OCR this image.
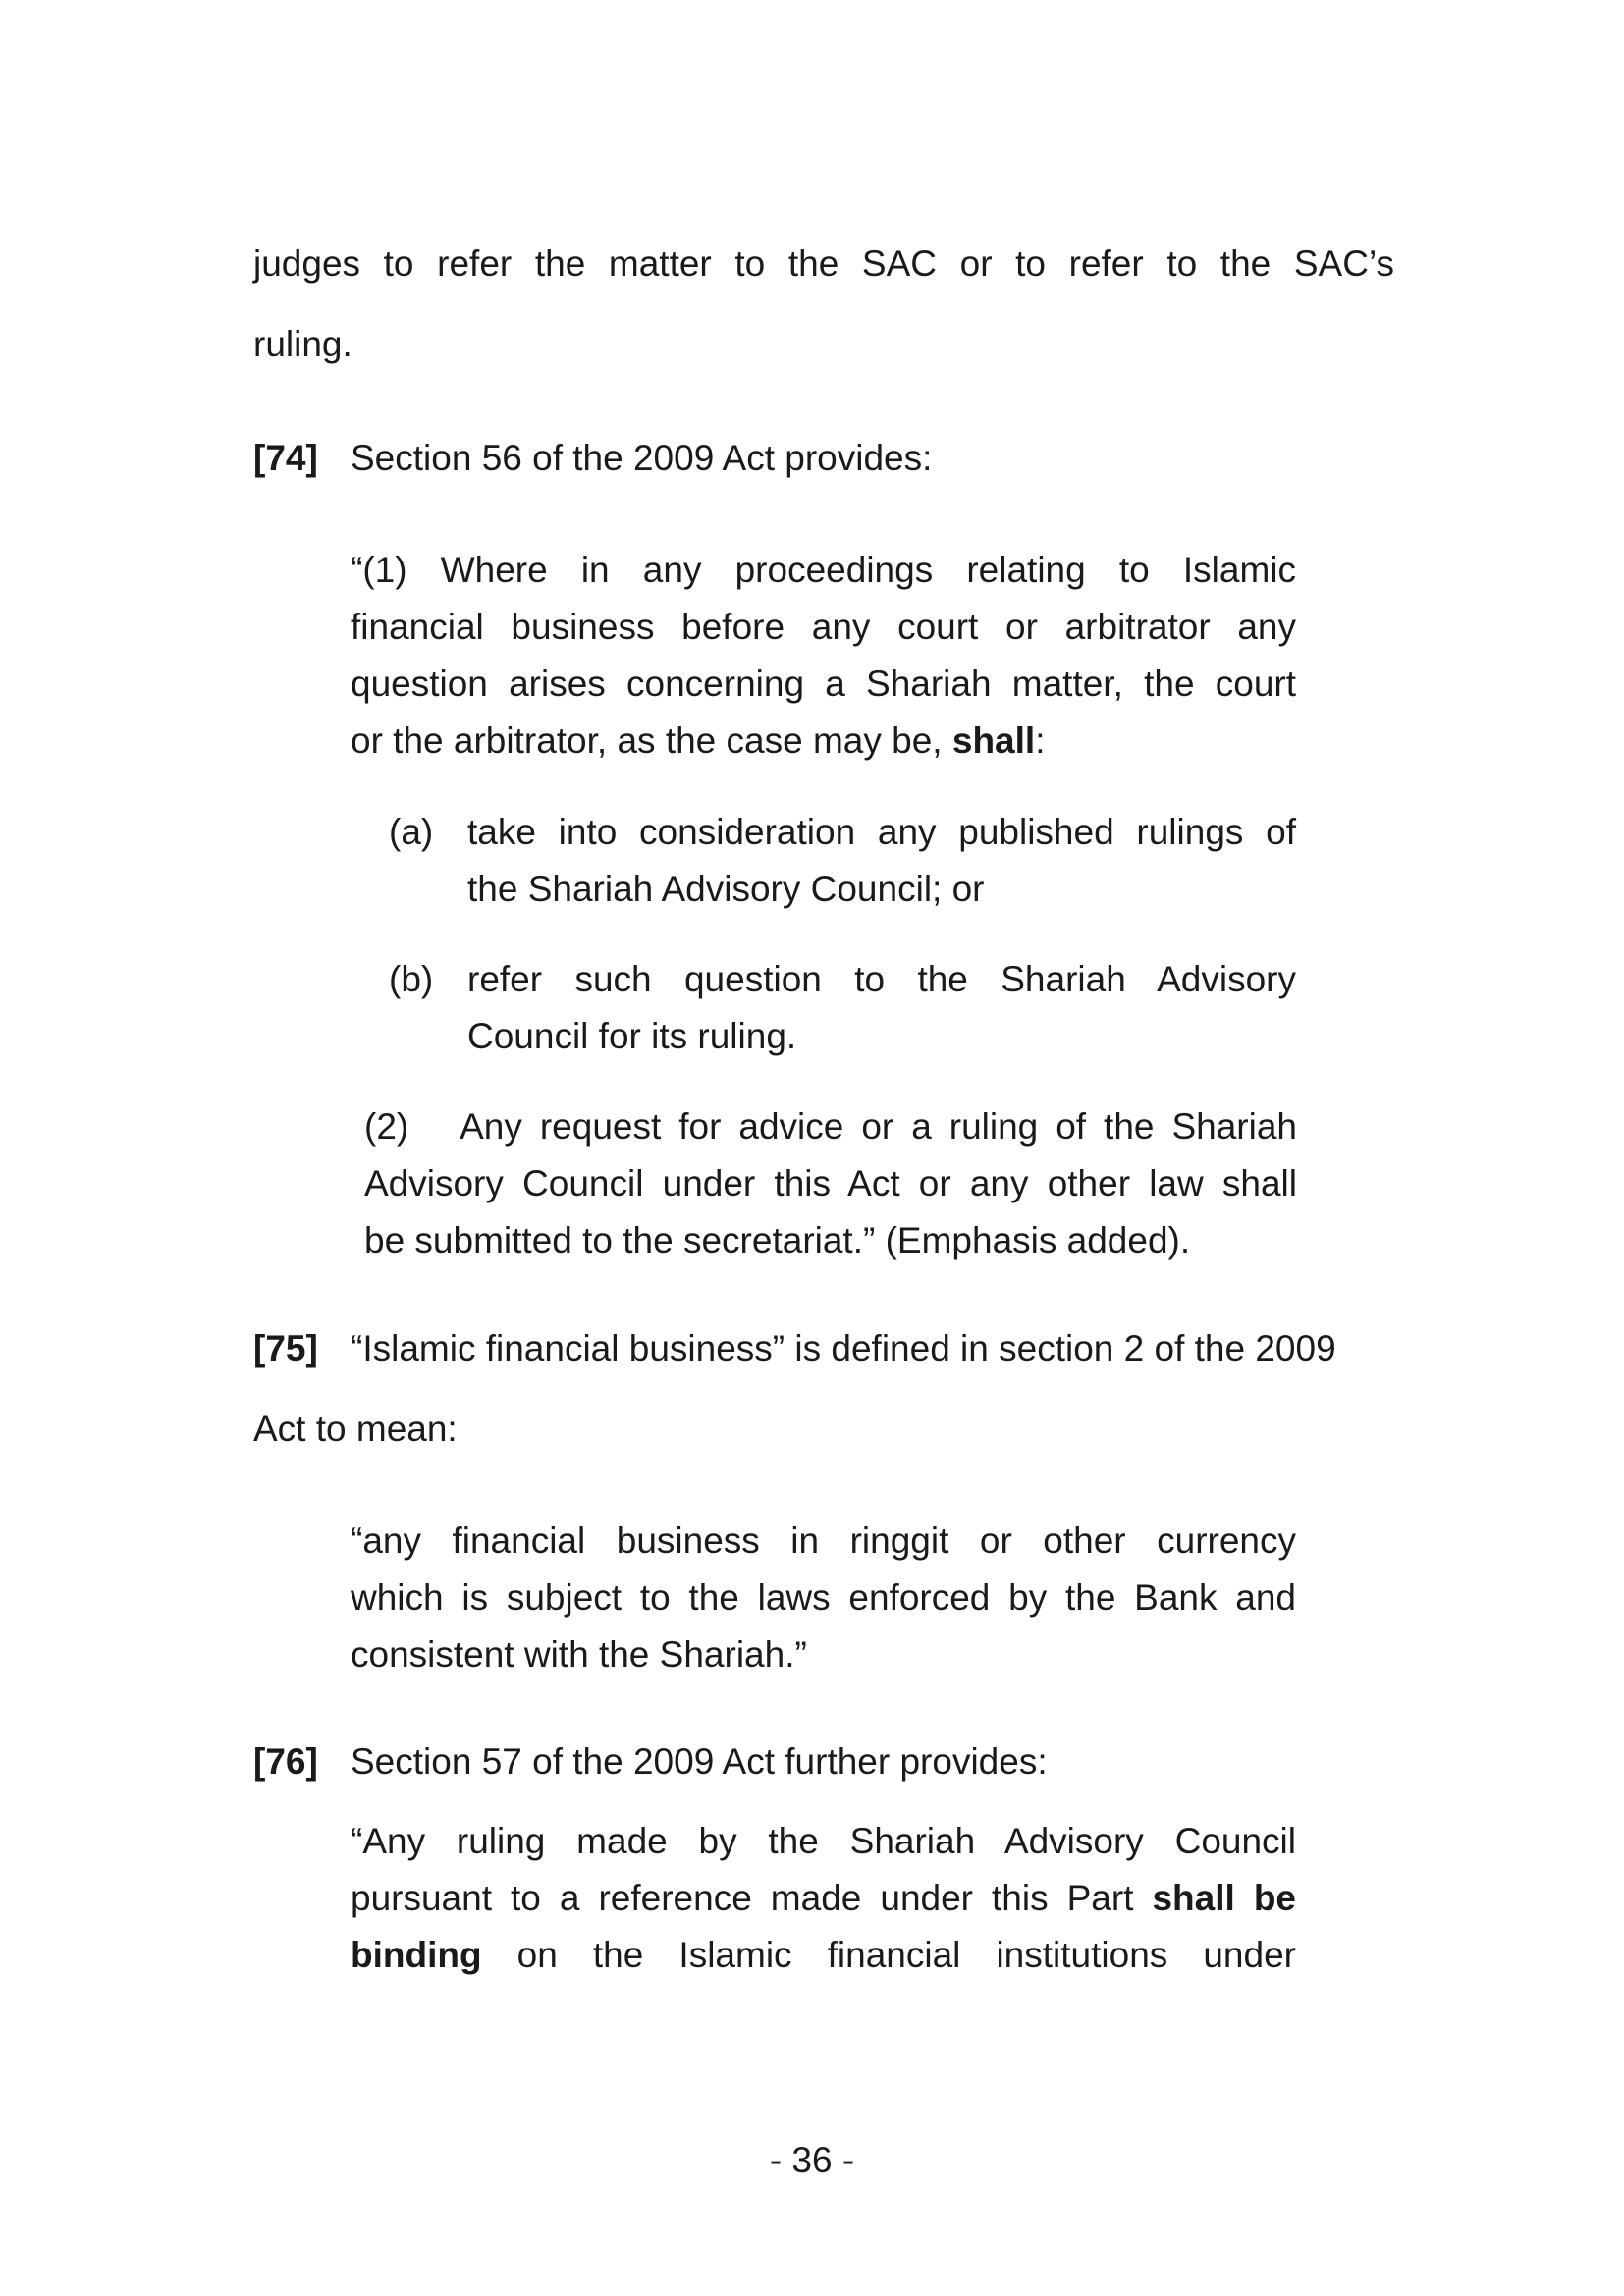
judges to refer the matter to the SAC or to refer to the SAC’s
ruling.
[74] Section 56 of the 2009 Act provides:
“(1) Where in any proceedings relating to Islamic
financial business before any court or arbitrator any
question arises concerning a Shariah matter, the court
or the arbitrator, as the case may be, shall:
(a) take into consideration any published rulings of
the Shariah Advisory Council; or
(b) refer such question to the Shariah Advisory
Council for its ruling.
(2)   Any request for advice or a ruling of the Shariah
Advisory Council under this Act or any other law shall
be submitted to the secretariat.” (Emphasis added).
[75] “Islamic financial business” is defined in section 2 of the 2009
Act to mean:
“any financial business in ringgit or other currency
which is subject to the laws enforced by the Bank and
consistent with the Shariah.”
[76] Section 57 of the 2009 Act further provides:
“Any ruling made by the Shariah Advisory Council
pursuant to a reference made under this Part shall be
binding on the Islamic financial institutions under
- 36 -
